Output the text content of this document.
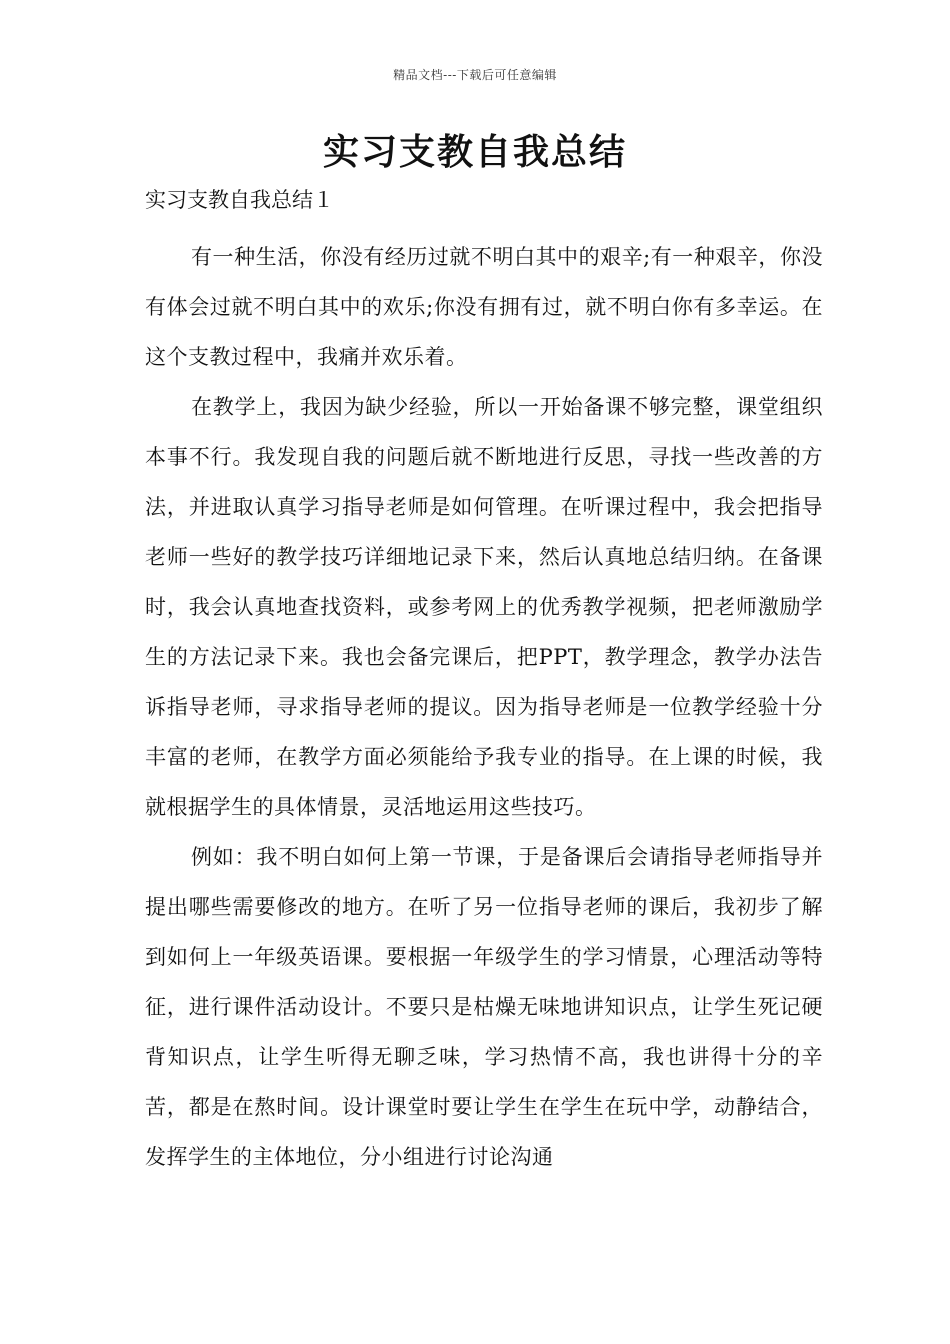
精品文档---下载后可任意编辑
实习支教自我总结
实习支教自我总结１

有一种生活，你没有经历过就不明白其中的艰辛;有一种艰辛，你没有体会过就不明白其中的欢乐;你没有拥有过，就不明白你有多幸运。在这个支教过程中，我痛并欢乐着。

在教学上，我因为缺少经验，所以一开始备课不够完整，课堂组织本事不行。我发现自我的问题后就不断地进行反思，寻找一些改善的方法，并进取认真学习指导老师是如何管理。在听课过程中，我会把指导老师一些好的教学技巧详细地记录下来，然后认真地总结归纳。在备课时，我会认真地查找资料，或参考网上的优秀教学视频，把老师激励学生的方法记录下来。我也会备完课后，把PPT，教学理念，教学办法告诉指导老师，寻求指导老师的提议。因为指导老师是一位教学经验十分丰富的老师，在教学方面必须能给予我专业的指导。在上课的时候，我就根据学生的具体情景，灵活地运用这些技巧。

例如：我不明白如何上第一节课，于是备课后会请指导老师指导并提出哪些需要修改的地方。在听了另一位指导老师的课后，我初步了解到如何上一年级英语课。要根据一年级学生的学习情景，心理活动等特征，进行课件活动设计。不要只是枯燥无味地讲知识点，让学生死记硬背知识点，让学生听得无聊乏味，学习热情不高，我也讲得十分的辛苦，都是在熬时间。设计课堂时要让学生在学生在玩中学，动静结合，发挥学生的主体地位，分小组进行讨论沟通
